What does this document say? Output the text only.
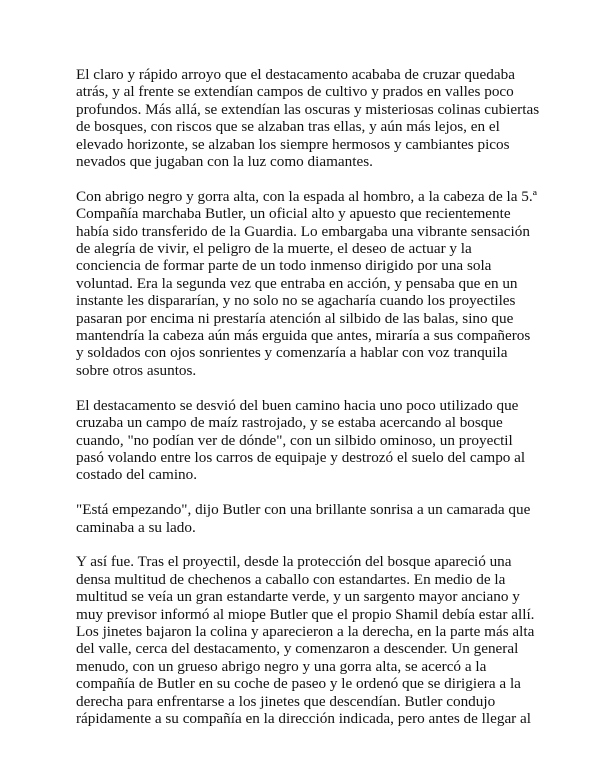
El claro y rápido arroyo que el destacamento acababa de cruzar quedaba
atrás, y al frente se extendían campos de cultivo y prados en valles poco
profundos. Más allá, se extendían las oscuras y misteriosas colinas cubiertas
de bosques, con riscos que se alzaban tras ellas, y aún más lejos, en el
elevado horizonte, se alzaban los siempre hermosos y cambiantes picos
nevados que jugaban con la luz como diamantes.

Con abrigo negro y gorra alta, con la espada al hombro, a la cabeza de la 5.ª
Compañía marchaba Butler, un oficial alto y apuesto que recientemente
había sido transferido de la Guardia. Lo embargaba una vibrante sensación
de alegría de vivir, el peligro de la muerte, el deseo de actuar y la
conciencia de formar parte de un todo inmenso dirigido por una sola
voluntad. Era la segunda vez que entraba en acción, y pensaba que en un
instante les dispararían, y no solo no se agacharía cuando los proyectiles
pasaran por encima ni prestaría atención al silbido de las balas, sino que
mantendría la cabeza aún más erguida que antes, miraría a sus compañeros
y soldados con ojos sonrientes y comenzaría a hablar con voz tranquila
sobre otros asuntos.

El destacamento se desvió del buen camino hacia uno poco utilizado que
cruzaba un campo de maíz rastrojado, y se estaba acercando al bosque
cuando, "no podían ver de dónde", con un silbido ominoso, un proyectil
pasó volando entre los carros de equipaje y destrozó el suelo del campo al
costado del camino.

"Está empezando", dijo Butler con una brillante sonrisa a un camarada que
caminaba a su lado.

Y así fue. Tras el proyectil, desde la protección del bosque apareció una
densa multitud de chechenos a caballo con estandartes. En medio de la
multitud se veía un gran estandarte verde, y un sargento mayor anciano y
muy previsor informó al miope Butler que el propio Shamil debía estar allí.
Los jinetes bajaron la colina y aparecieron a la derecha, en la parte más alta
del valle, cerca del destacamento, y comenzaron a descender. Un general
menudo, con un grueso abrigo negro y una gorra alta, se acercó a la
compañía de Butler en su coche de paseo y le ordenó que se dirigiera a la
derecha para enfrentarse a los jinetes que descendían. Butler condujo
rápidamente a su compañía en la dirección indicada, pero antes de llegar al
